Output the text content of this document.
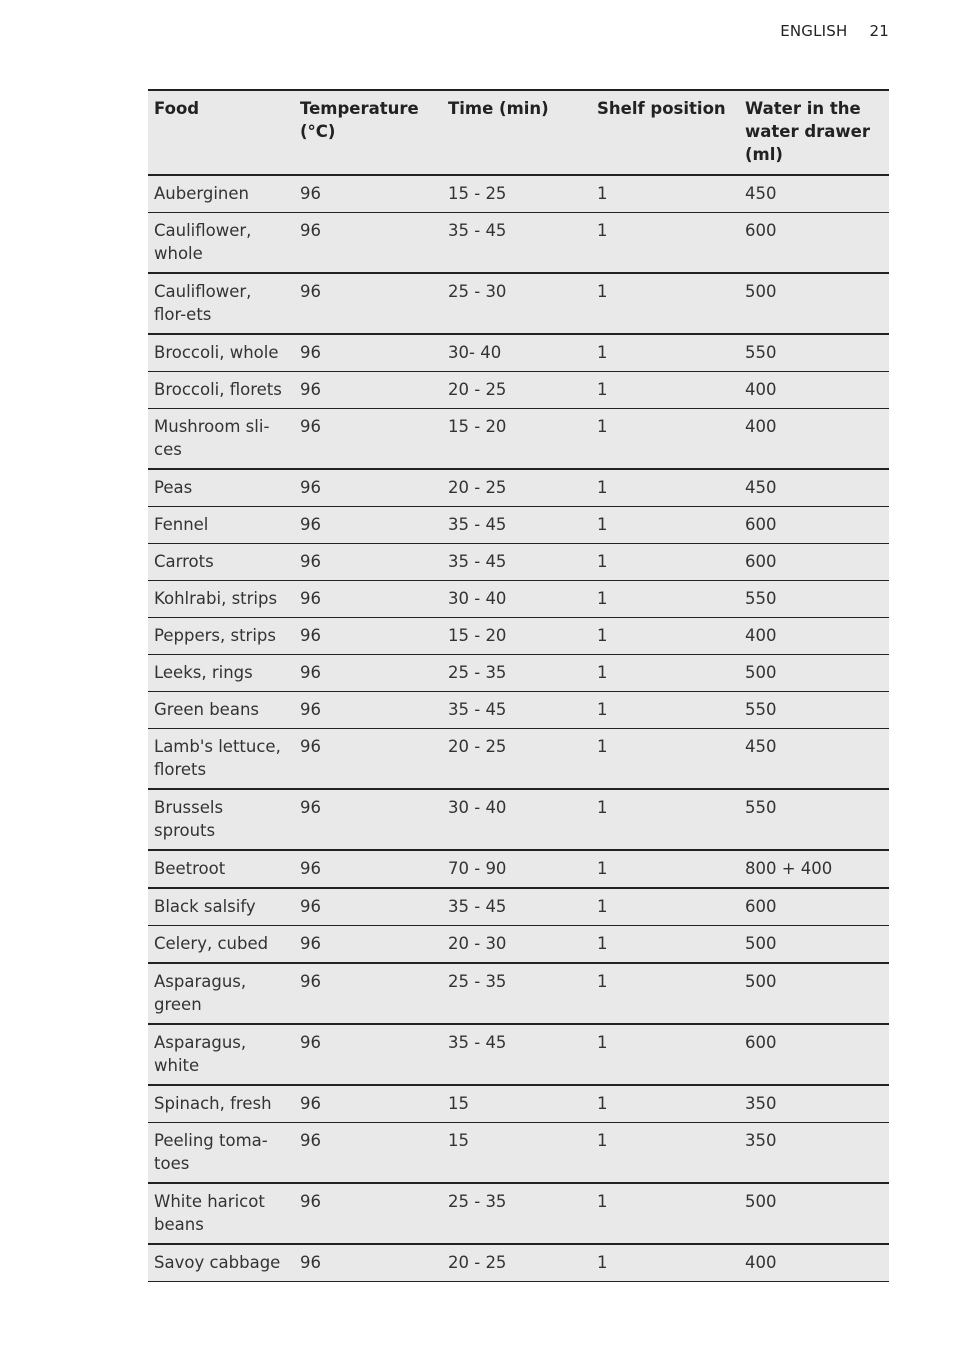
ENGLISH 21
Food	Temperature (°C)	Time (min)	Shelf position	Water in the water drawer (ml)
Auberginen	96	15 - 25	1	450
Cauliflower, whole	96	35 - 45	1	600
Cauliflower, flor-ets	96	25 - 30	1	500
Broccoli, whole	96	30- 40	1	550
Broccoli, florets	96	20 - 25	1	400
Mushroom sli-ces	96	15 - 20	1	400
Peas	96	20 - 25	1	450
Fennel	96	35 - 45	1	600
Carrots	96	35 - 45	1	600
Kohlrabi, strips	96	30 - 40	1	550
Peppers, strips	96	15 - 20	1	400
Leeks, rings	96	25 - 35	1	500
Green beans	96	35 - 45	1	550
Lamb's lettuce, florets	96	20 - 25	1	450
Brussels sprouts	96	30 - 40	1	550
Beetroot	96	70 - 90	1	800 + 400
Black salsify	96	35 - 45	1	600
Celery, cubed	96	20 - 30	1	500
Asparagus, green	96	25 - 35	1	500
Asparagus, white	96	35 - 45	1	600
Spinach, fresh	96	15	1	350
Peeling toma-toes	96	15	1	350
White haricot beans	96	25 - 35	1	500
Savoy cabbage	96	20 - 25	1	400
